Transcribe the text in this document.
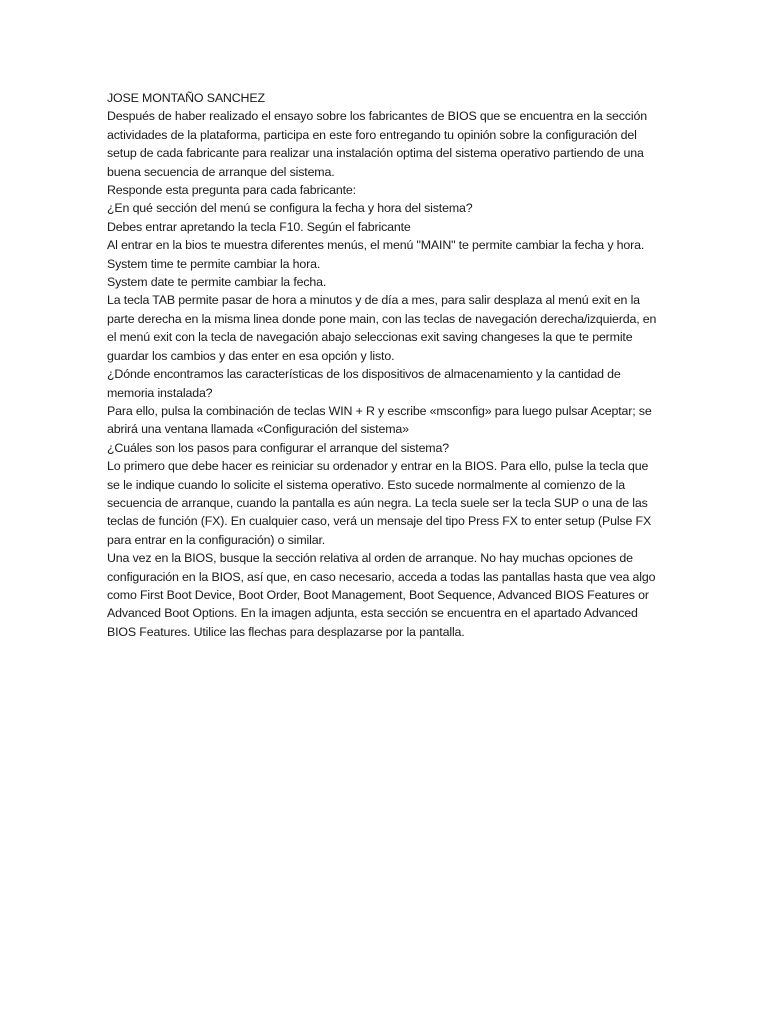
JOSE MONTAÑO SANCHEZ

Después de haber realizado el ensayo sobre los fabricantes de BIOS que se encuentra en la sección actividades de la plataforma, participa en este foro entregando tu opinión sobre la configuración del setup de cada fabricante para realizar una instalación optima del sistema operativo partiendo de una buena secuencia de arranque del sistema.

Responde esta pregunta para cada fabricante:

¿En qué sección del menú se configura la fecha y hora del sistema?

Debes entrar apretando la tecla F10. Según el fabricante

Al entrar en la bios te muestra diferentes menús, el menú "MAIN" te permite cambiar la fecha y hora.

System time te permite cambiar la hora.

System date te permite cambiar la fecha.

La tecla TAB permite pasar de hora a minutos y de día a mes, para salir desplaza al menú exit en la parte derecha en la misma linea donde pone main, con las teclas de navegación derecha/izquierda, en el menú exit con la tecla de navegación abajo seleccionas exit saving changeses la que te permite guardar los cambios y das enter en esa opción y listo.

¿Dónde encontramos las características de los dispositivos de almacenamiento y la cantidad de memoria instalada?

Para ello, pulsa la combinación de teclas WIN + R y escribe «msconfig» para luego pulsar Aceptar; se abrirá una ventana llamada «Configuración del sistema»

¿Cuáles son los pasos para configurar el arranque del sistema?

Lo primero que debe hacer es reiniciar su ordenador y entrar en la BIOS. Para ello, pulse la tecla que se le indique cuando lo solicite el sistema operativo. Esto sucede normalmente al comienzo de la secuencia de arranque, cuando la pantalla es aún negra. La tecla suele ser la tecla SUP o una de las teclas de función (FX). En cualquier caso, verá un mensaje del tipo Press FX to enter setup (Pulse FX para entrar en la configuración) o similar.

Una vez en la BIOS, busque la sección relativa al orden de arranque. No hay muchas opciones de configuración en la BIOS, así que, en caso necesario, acceda a todas las pantallas hasta que vea algo como First Boot Device, Boot Order, Boot Management, Boot Sequence, Advanced BIOS Features or Advanced Boot Options. En la imagen adjunta, esta sección se encuentra en el apartado Advanced BIOS Features. Utilice las flechas para desplazarse por la pantalla.
